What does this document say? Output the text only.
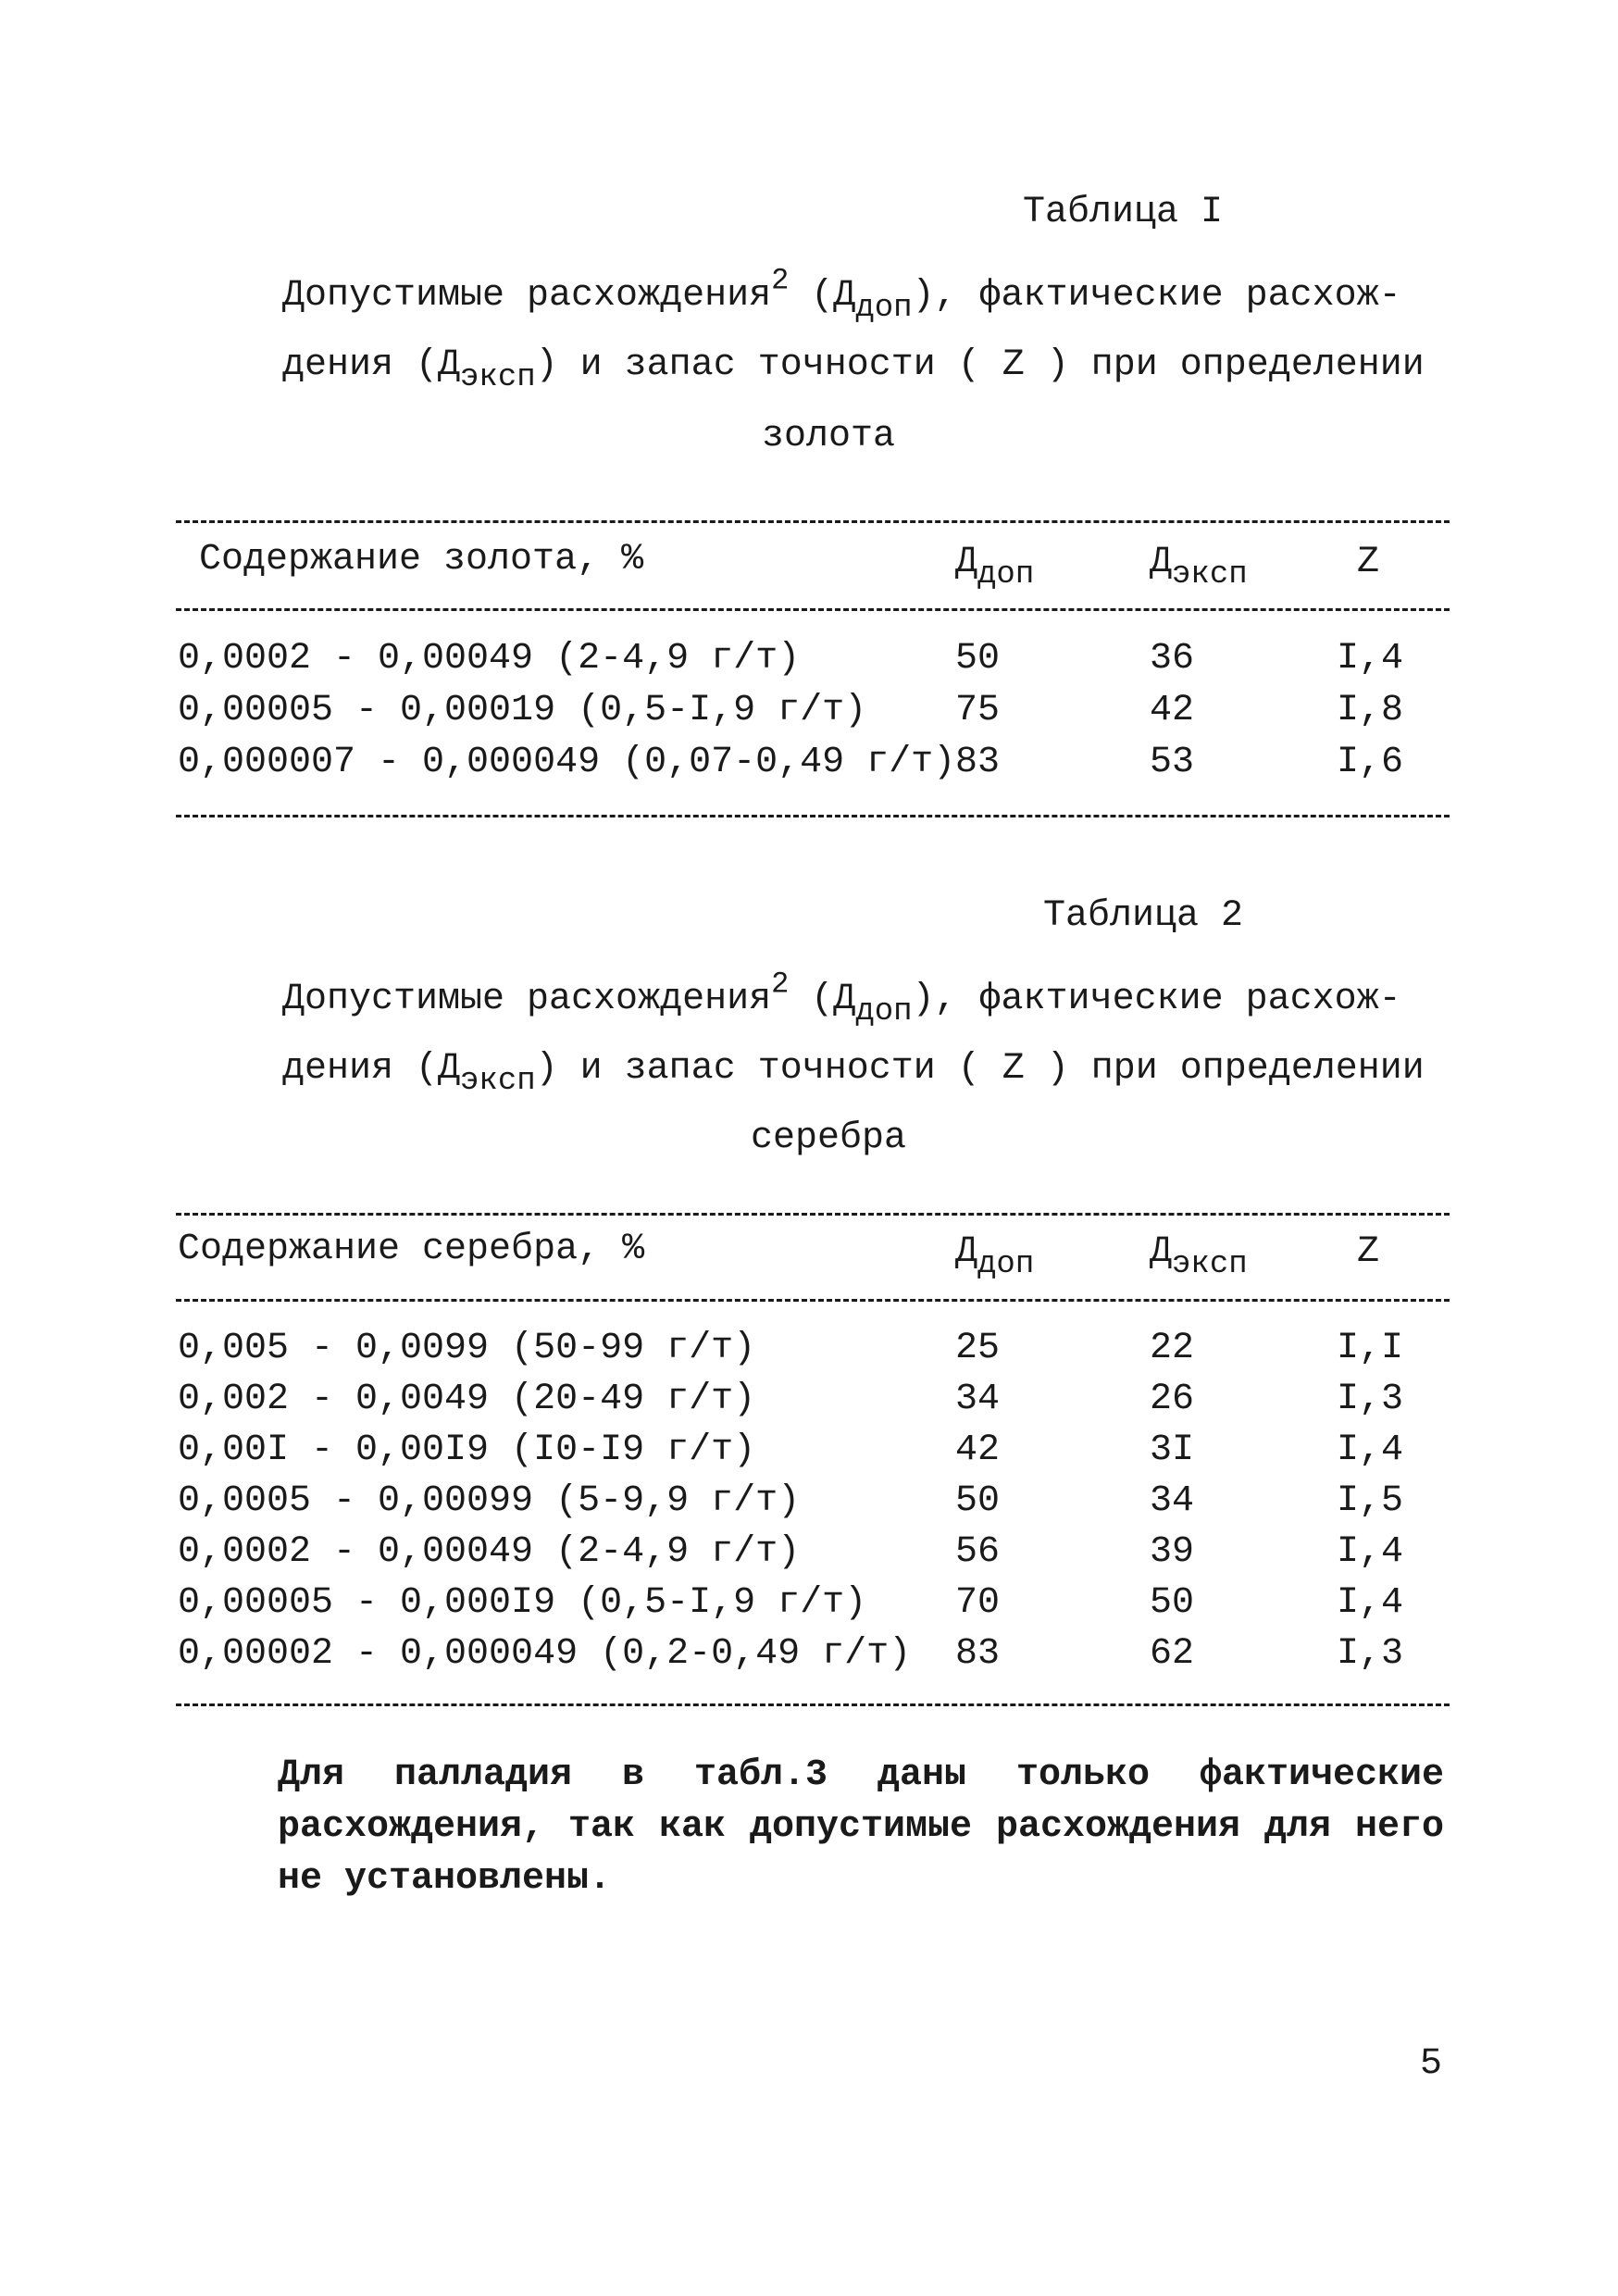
Таблица I
Допустимые расхождения$^2$ $(Д_{доп})$, фактические расхож-
дения $(Д_{эксп})$ и запас точности ( Z ) при определении
золота
Содержание золота, %	$Д_{доп}$	$Д_{эксп}$	Z
0,0002 - 0,00049 (2-4,9 г/т)	50	36	I,4
0,00005 - 0,00019 (0,5-I,9 г/т) 75	42	I,8
0,000007 - 0,000049 (0,07-0,49 г/т) 83	53	I,6
Таблица 2
Допустимые расхождения$^2$ $(Д_{доп})$, фактические расхож-
дения $(Д_{эксп})$ и запас точности ( Z ) при определении
серебра
Содержание серебра, %	$Д_{доп}$	$Д_{эксп}$	Z
0,005 - 0,0099 (50-99 г/т)	25	22	I,I
0,002 - 0,0049 (20-49 г/т)	34	26	I,3
0,00I - 0,00I9 (I0-I9 г/т)	42	3I	I,4
0,0005 - 0,00099 (5-9,9 г/т)	50	34	I,5
0,0002 - 0,00049 (2-4,9 г/т)	56	39	I,4
0,00005 - 0,000I9 (0,5-I,9 г/т) 70	50	I,4
0,00002 - 0,000049 (0,2-0,49 г/т) 83	62	I,3
Для палладия в табл.3 даны только фактические расхождения, так как допустимые расхождения для него не установлены.
5
